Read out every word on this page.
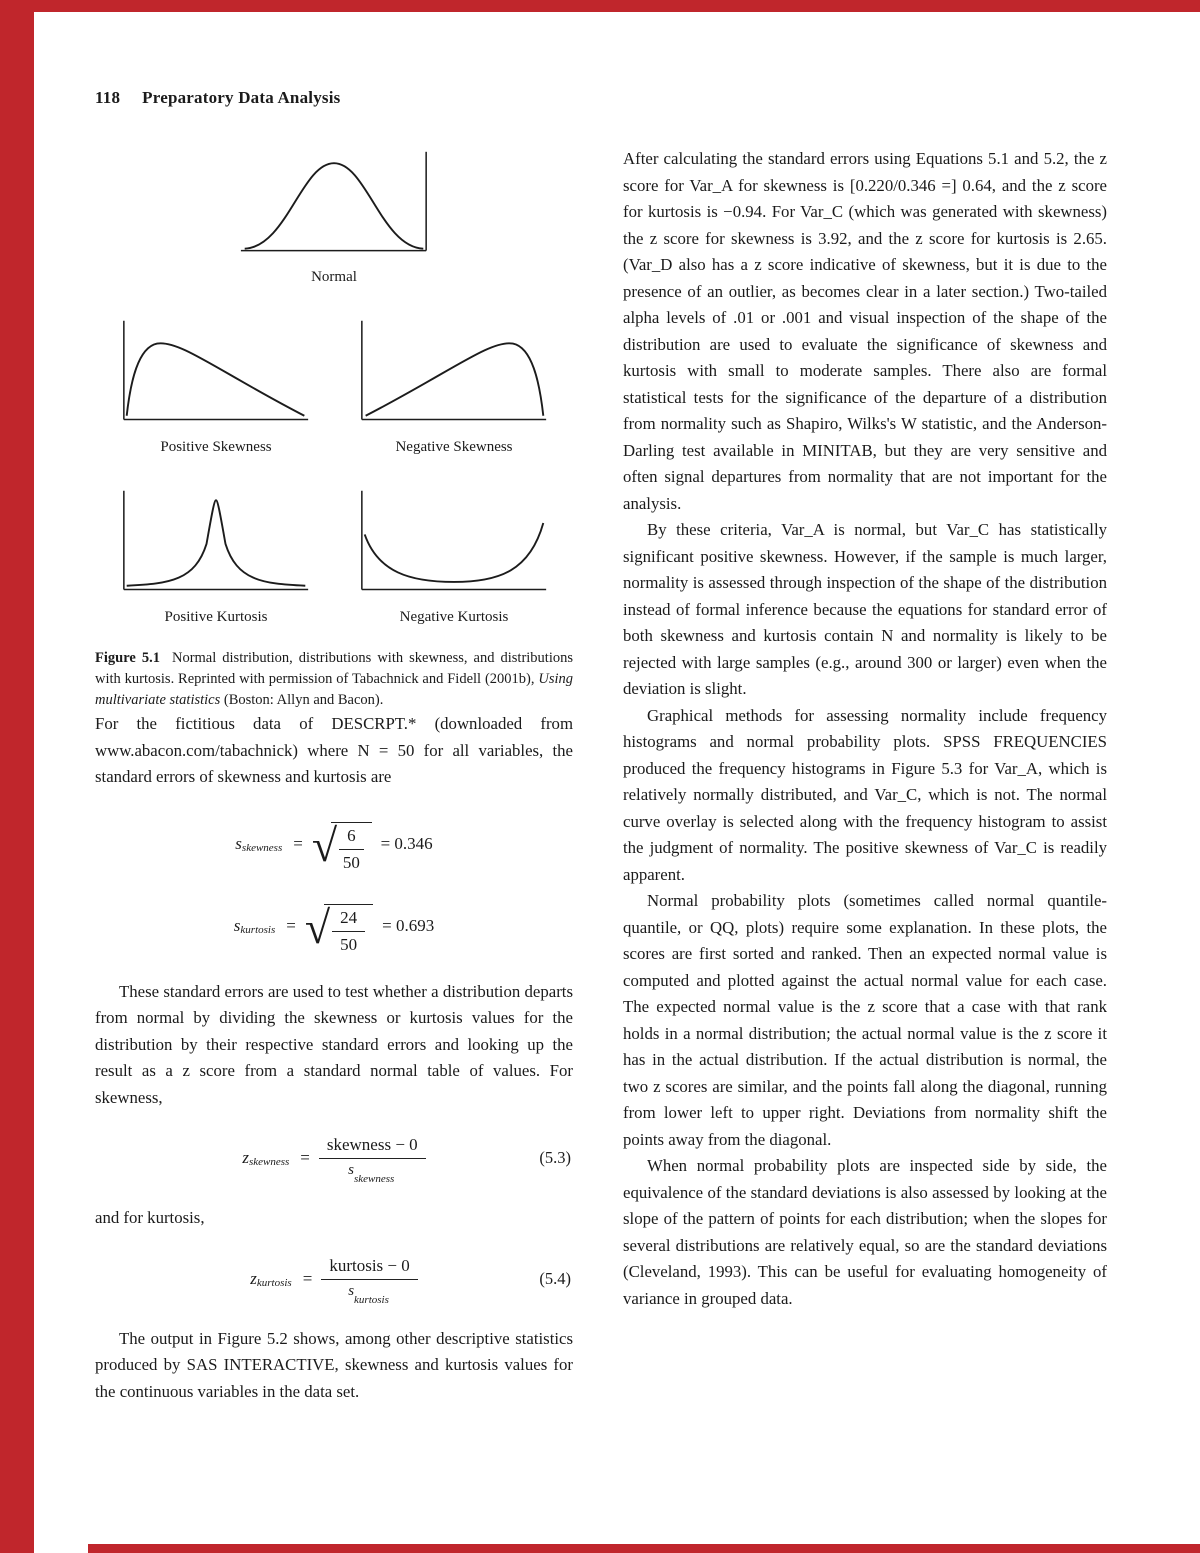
118 Preparatory Data Analysis
Normal
Positive Skewness	Negative Skewness
Positive Kurtosis	Negative Kurtosis
Figure 5.1 Normal distribution, distributions with skewness, and distributions with kurtosis. Reprinted with permission of Tabachnick and Fidell (2001b), Using multivariate statistics (Boston: Allyn and Bacon).

For the fictitious data of DESCRPT.* (downloaded from www.abacon.com/tabachnick) where N = 50 for all variables, the standard errors of skewness and kurtosis are

$s_{skewness}$ = √ $\frac{6}{50} = 0.346$
$s_{kurtosis}$ = √ $\frac{24}{50} = 0.693$

These standard errors are used to test whether a distribution departs from normal by dividing the skewness or kurtosis values for the distribution by their respective standard errors and looking up the result as a z score from a standard normal table of values. For skewness,

$z_{skewness} = \frac{\text{skewness − 0}}{s_{skewness}}$	(5.3)

and for kurtosis,

$z_{kurtosis} = \frac{\text{kurtosis − 0}}{s_{kurtosis}}$	(5.4)

The output in Figure 5.2 shows, among other descriptive statistics produced by SAS INTERACTIVE, skewness and kurtosis values for the continuous variables in the data set.

After calculating the standard errors using Equations 5.1 and 5.2, the z score for Var_A for skewness is [0.220/0.346 =] 0.64, and the z score for kurtosis is −0.94. For Var_C (which was generated with skewness) the z score for skewness is 3.92, and the z score for kurtosis is 2.65. (Var_D also has a z score indicative of skewness, but it is due to the presence of an outlier, as becomes clear in a later section.) Two-tailed alpha levels of .01 or .001 and visual inspection of the shape of the distribution are used to evaluate the significance of skewness and kurtosis with small to moderate samples. There also are formal statistical tests for the significance of the departure of a distribution from normality such as Shapiro, Wilks's W statistic, and the Anderson-Darling test available in MINITAB, but they are very sensitive and often signal departures from normality that are not important for the analysis.

By these criteria, Var_A is normal, but Var_C has statistically significant positive skewness. However, if the sample is much larger, normality is assessed through inspection of the shape of the distribution instead of formal inference because the equations for standard error of both skewness and kurtosis contain N and normality is likely to be rejected with large samples (e.g., around 300 or larger) even when the deviation is slight.

Graphical methods for assessing normality include frequency histograms and normal probability plots. SPSS FREQUENCIES produced the frequency histograms in Figure 5.3 for Var_A, which is relatively normally distributed, and Var_C, which is not. The normal curve overlay is selected along with the frequency histogram to assist the judgment of normality. The positive skewness of Var_C is readily apparent.

Normal probability plots (sometimes called normal quantile-quantile, or QQ, plots) require some explanation. In these plots, the scores are first sorted and ranked. Then an expected normal value is computed and plotted against the actual normal value for each case. The expected normal value is the z score that a case with that rank holds in a normal distribution; the actual normal value is the z score it has in the actual distribution. If the actual distribution is normal, the two z scores are similar, and the points fall along the diagonal, running from lower left to upper right. Deviations from normality shift the points away from the diagonal.

When normal probability plots are inspected side by side, the equivalence of the standard deviations is also assessed by looking at the slope of the pattern of points for each distribution; when the slopes for several distributions are relatively equal, so are the standard deviations (Cleveland, 1993). This can be useful for evaluating homogeneity of variance in grouped data.
